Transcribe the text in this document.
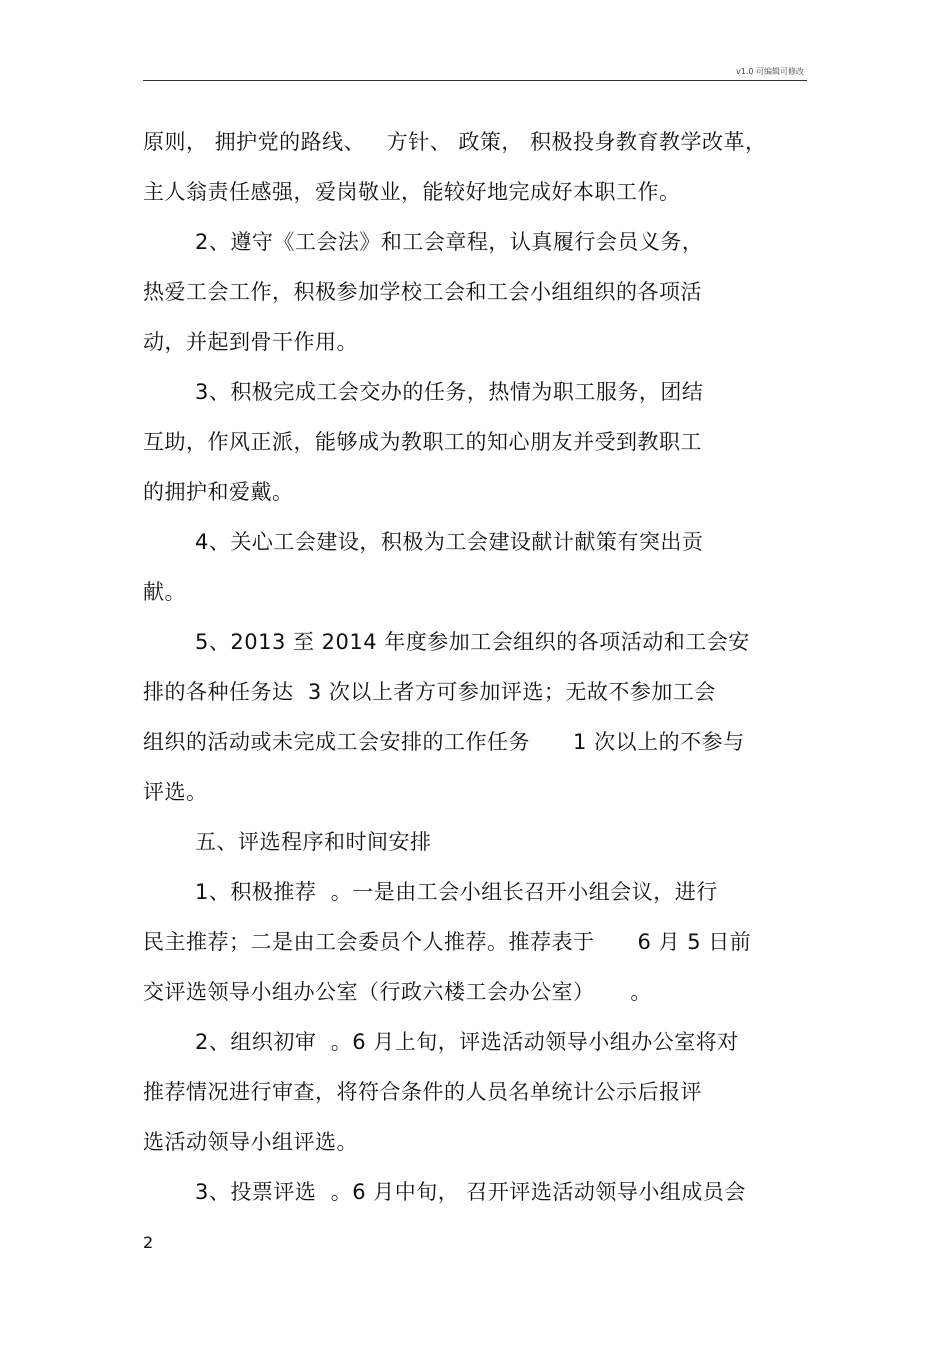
v1.0 可编辑可修改
原则， 拥护党的路线、   方针、 政策， 积极投身教育教学改革，
主人翁责任感强，爱岗敬业，能较好地完成好本职工作。
2、遵守《工会法》和工会章程，认真履行会员义务，
热爱工会工作，积极参加学校工会和工会小组组织的各项活
动，并起到骨干作用。
3、积极完成工会交办的任务，热情为职工服务，团结
互助，作风正派，能够成为教职工的知心朋友并受到教职工
的拥护和爱戴。
4、关心工会建设，积极为工会建设献计献策有突出贡
献。
5、2013 至 2014 年度参加工会组织的各项活动和工会安
排的各种任务达  3 次以上者方可参加评选；无故不参加工会
组织的活动或未完成工会安排的工作任务      1 次以上的不参与
评选。
五、评选程序和时间安排
1、积极推荐  。一是由工会小组长召开小组会议，进行
民主推荐；二是由工会委员个人推荐。推荐表于      6 月 5 日前
交评选领导小组办公室（行政六楼工会办公室）     。
2、组织初审  。6 月上旬，评选活动领导小组办公室将对
推荐情况进行审查，将符合条件的人员名单统计公示后报评
选活动领导小组评选。
3、投票评选  。6 月中旬， 召开评选活动领导小组成员会
2
